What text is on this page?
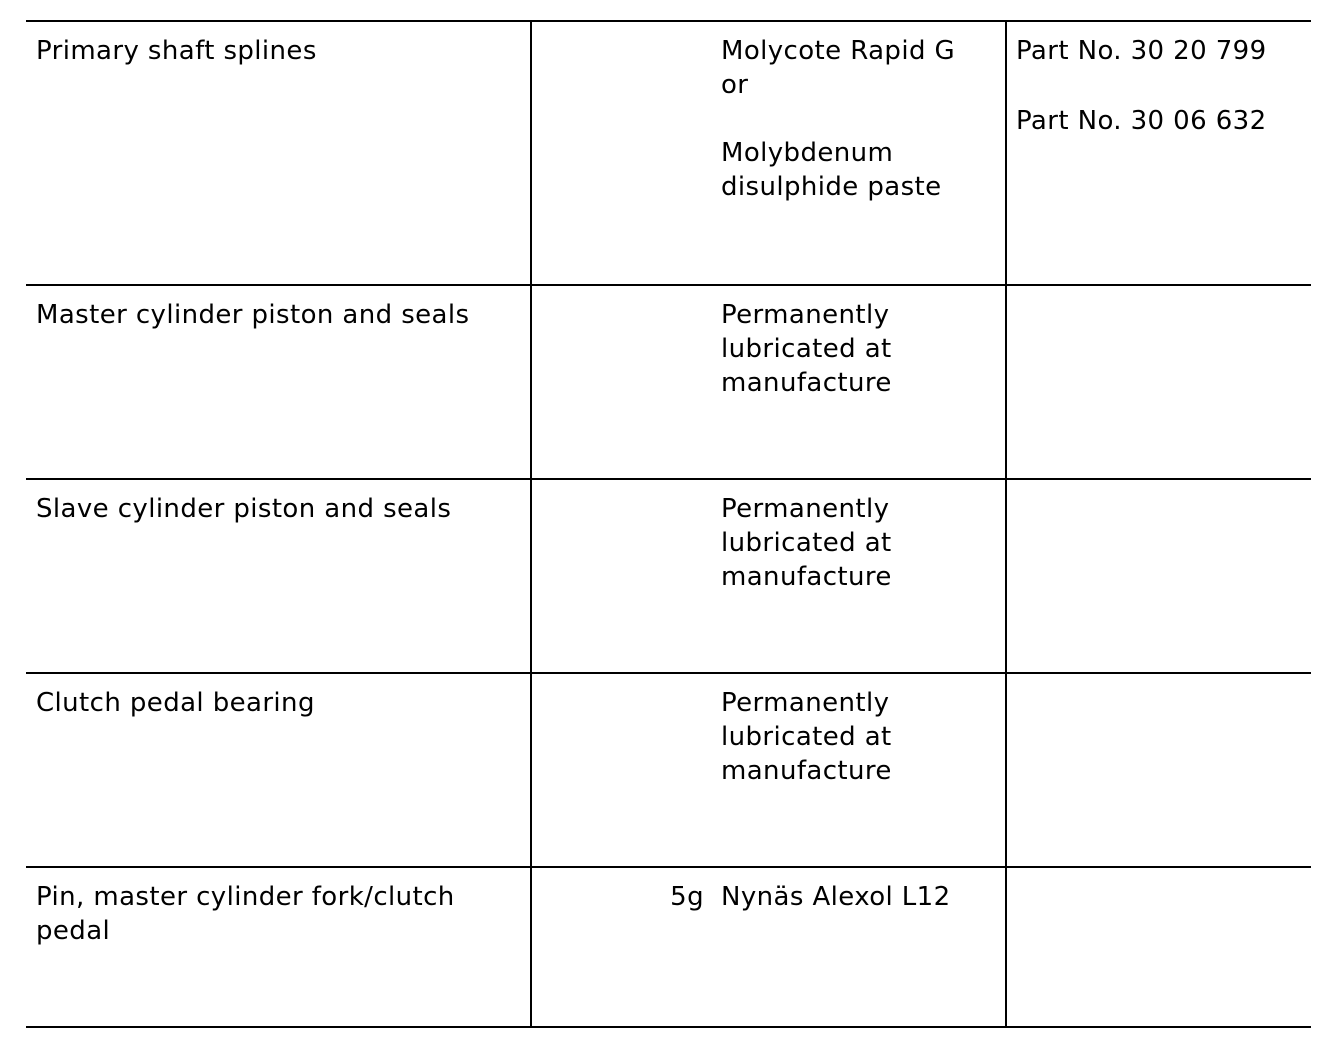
Primary shaft splines	Molycote Rapid G
or

Molybdenum
disulphide paste	Part No. 30 20 799
Part No. 30 06 632

Master cylinder piston and seals	Permanently
lubricated at
manufacture	

Slave cylinder piston and seals	Permanently
lubricated at
manufacture	

Clutch pedal bearing	Permanently
lubricated at
manufacture	

Pin, master cylinder fork/clutch
pedal	5g Nynäs Alexol L12	
